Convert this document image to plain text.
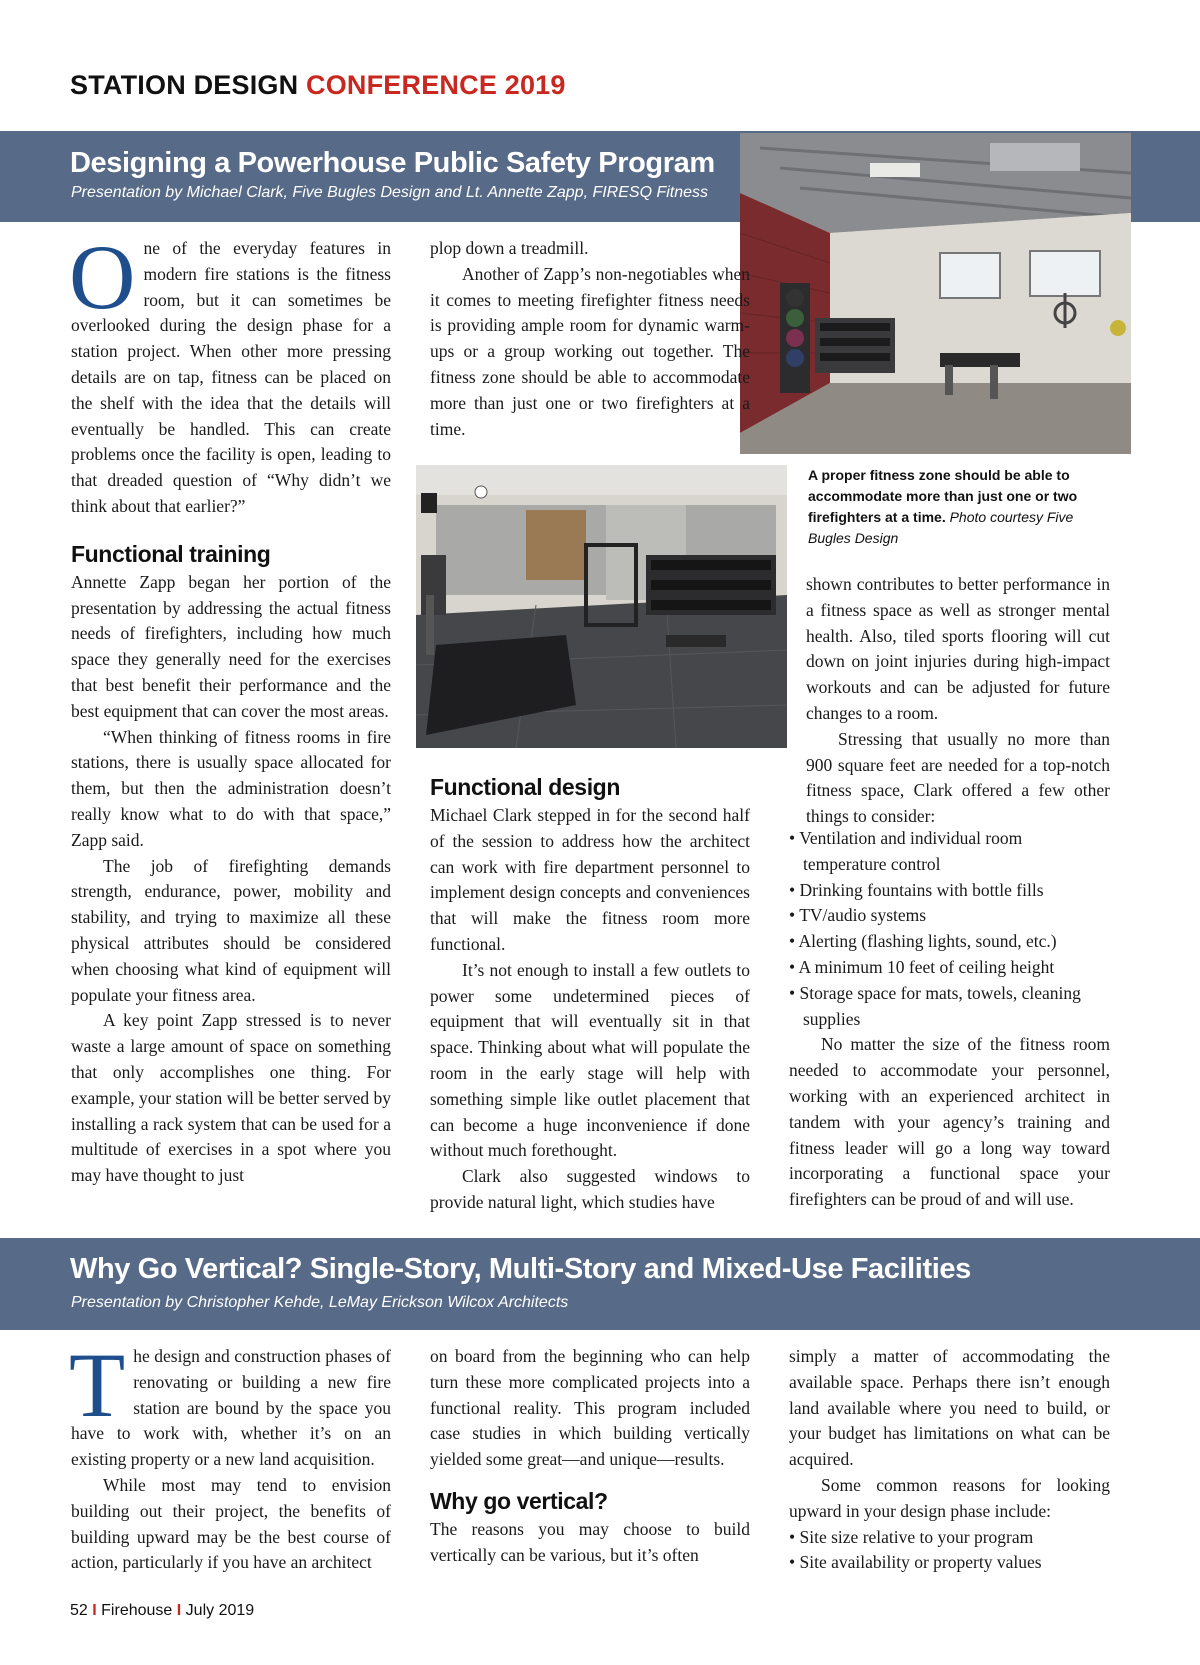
STATION DESIGN CONFERENCE 2019
Designing a Powerhouse Public Safety Program
Presentation by Michael Clark, Five Bugles Design and Lt. Annette Zapp, FIRESQ Fitness

One of the everyday features in modern fire stations is the fitness room, but it can sometimes be overlooked during the design phase for a station project. When other more pressing details are on tap, fitness can be placed on the shelf with the idea that the details will eventually be handled. This can create problems once the facility is open, leading to that dreaded question of “Why didn’t we think about that earlier?”

Functional training

Annette Zapp began her portion of the presentation by addressing the actual fitness needs of firefighters, including how much space they generally need for the exercises that best benefit their performance and the best equipment that can cover the most areas.

“When thinking of fitness rooms in fire stations, there is usually space allocated for them, but then the administration doesn’t really know what to do with that space,” Zapp said.

The job of firefighting demands strength, endurance, power, mobility and stability, and trying to maximize all these physical attributes should be considered when choosing what kind of equipment will populate your fitness area.

A key point Zapp stressed is to never waste a large amount of space on something that only accomplishes one thing. For example, your station will be better served by installing a rack system that can be used for a multitude of exercises in a spot where you may have thought to just

plop down a treadmill.

Another of Zapp’s non-negotiables when it comes to meeting firefighter fitness needs is providing ample room for dynamic warm-ups or a group working out together. The fitness zone should be able to accommodate more than just one or two firefighters at a time.

Functional design

Michael Clark stepped in for the second half of the session to address how the architect can work with fire department personnel to implement design concepts and conveniences that will make the fitness room more functional.

It’s not enough to install a few outlets to power some undetermined pieces of equipment that will eventually sit in that space. Thinking about what will populate the room in the early stage will help with something simple like outlet placement that can become a huge inconvenience if done without much forethought.

Clark also suggested windows to provide natural light, which studies have

A proper fitness zone should be able to accommodate more than just one or two firefighters at a time. Photo courtesy Five Bugles Design

shown contributes to better performance in a fitness space as well as stronger mental health. Also, tiled sports flooring will cut down on joint injuries during high-impact workouts and can be adjusted for future changes to a room.

Stressing that usually no more than 900 square feet are needed for a top-notch fitness space, Clark offered a few other things to consider:

• Ventilation and individual room temperature control
• Drinking fountains with bottle fills
• TV/audio systems
• Alerting (flashing lights, sound, etc.)
• A minimum 10 feet of ceiling height
• Storage space for mats, towels, cleaning supplies

No matter the size of the fitness room needed to accommodate your personnel, working with an experienced architect in tandem with your agency’s training and fitness leader will go a long way toward incorporating a functional space your firefighters can be proud of and will use.

Why Go Vertical? Single-Story, Multi-Story and Mixed-Use Facilities
Presentation by Christopher Kehde, LeMay Erickson Wilcox Architects

The design and construction phases of renovating or building a new fire station are bound by the space you have to work with, whether it’s on an existing property or a new land acquisition.

While most may tend to envision building out their project, the benefits of building upward may be the best course of action, particularly if you have an architect

on board from the beginning who can help turn these more complicated projects into a functional reality. This program included case studies in which building vertically yielded some great—and unique—results.

Why go vertical?

The reasons you may choose to build vertically can be various, but it’s often

simply a matter of accommodating the available space. Perhaps there isn’t enough land available where you need to build, or your budget has limitations on what can be acquired.

Some common reasons for looking upward in your design phase include:

• Site size relative to your program
• Site availability or property values
52 I Firehouse I July 2019
